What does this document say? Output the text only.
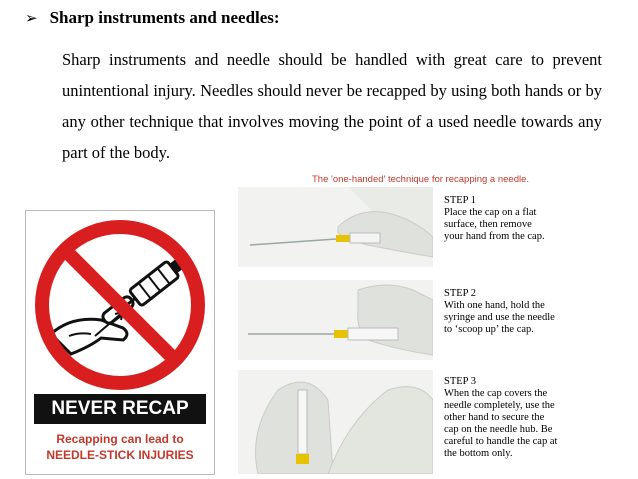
➢ Sharp instruments and needles:
Sharp instruments and needle should be handled with great care to prevent unintentional injury. Needles should never be recapped by using both hands or by any other technique that involves moving the point of a used needle towards any part of the body.
The 'one-handed' technique for recapping a needle.
NEVER RECAP
Recapping can lead to
NEEDLE-STICK INJURIES
STEP 1
Place the cap on a flat
surface, then remove
your hand from the cap.
STEP 2
With one hand, hold the
syringe and use the needle
to ‘scoop up’ the cap.
STEP 3
When the cap covers the
needle completely, use the
other hand to secure the
cap on the needle hub. Be
careful to handle the cap at
the bottom only.
